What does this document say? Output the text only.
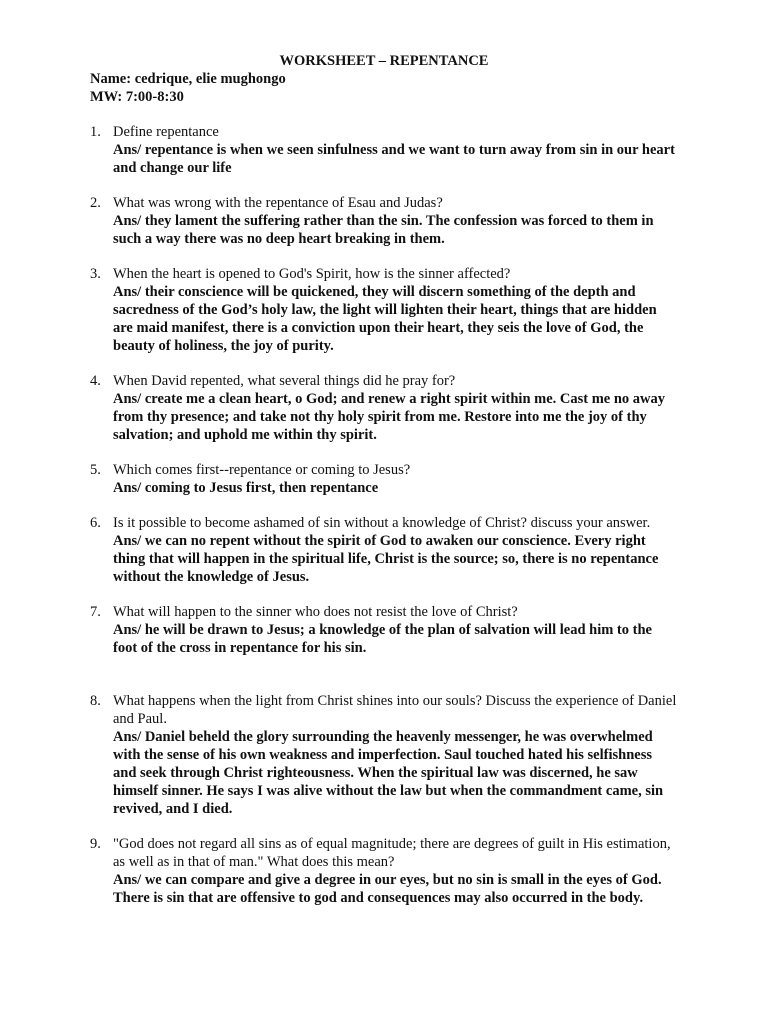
WORKSHEET – REPENTANCE
Name: cedrique, elie mughongo
MW: 7:00-8:30
1. Define repentance
Ans/ repentance is when we seen sinfulness and we want to turn away from sin in our heart and change our life
2. What was wrong with the repentance of Esau and Judas?
Ans/ they lament the suffering rather than the sin. The confession was forced to them in such a way there was no deep heart breaking in them.
3. When the heart is opened to God's Spirit, how is the sinner affected?
Ans/ their conscience will be quickened, they will discern something of the depth and sacredness of the God’s holy law, the light will lighten their heart, things that are hidden are maid manifest, there is a conviction upon their heart, they seis the love of God, the beauty of holiness, the joy of purity.
4. When David repented, what several things did he pray for?
Ans/ create me a clean heart, o God; and renew a right spirit within me. Cast me no away from thy presence; and take not thy holy spirit from me. Restore into me the joy of thy salvation; and uphold me within thy spirit.
5. Which comes first--repentance or coming to Jesus?
Ans/ coming to Jesus first, then repentance
6. Is it possible to become ashamed of sin without a knowledge of Christ? discuss your answer.
Ans/ we can no repent without the spirit of God to awaken our conscience. Every right thing that will happen in the spiritual life, Christ is the source; so, there is no repentance without the knowledge of Jesus.
7. What will happen to the sinner who does not resist the love of Christ?
Ans/ he will be drawn to Jesus; a knowledge of the plan of salvation will lead him to the foot of the cross in repentance for his sin.
8. What happens when the light from Christ shines into our souls? Discuss the experience of Daniel and Paul.
Ans/ Daniel beheld the glory surrounding the heavenly messenger, he was overwhelmed with the sense of his own weakness and imperfection. Saul touched hated his selfishness and seek through Christ righteousness. When the spiritual law was discerned, he saw himself sinner. He says I was alive without the law but when the commandment came, sin revived, and I died.
9. "God does not regard all sins as of equal magnitude; there are degrees of guilt in His estimation, as well as in that of man." What does this mean?
Ans/ we can compare and give a degree in our eyes, but no sin is small in the eyes of God. There is sin that are offensive to god and consequences may also occurred in the body.
